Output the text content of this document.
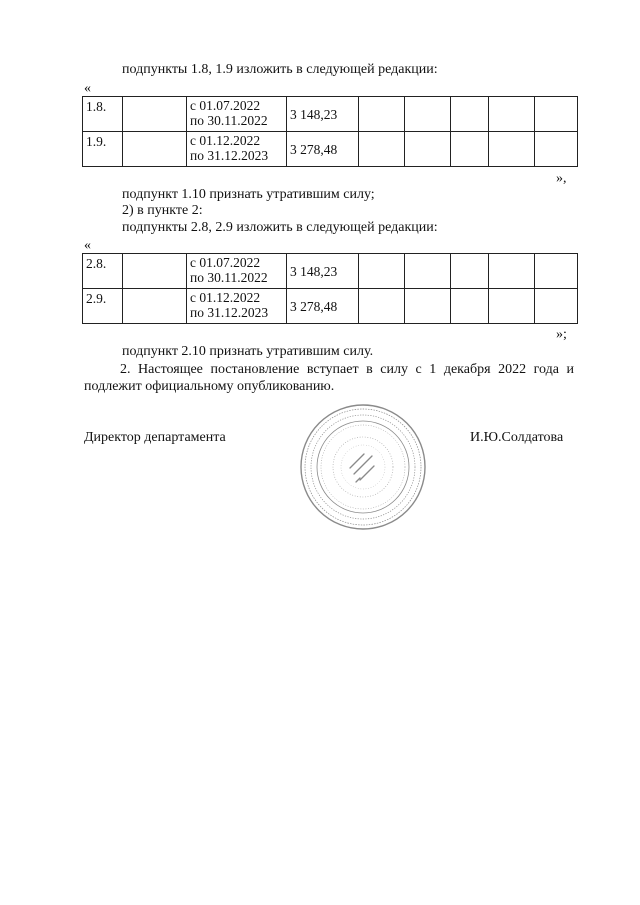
подпункты 1.8, 1.9 изложить в следующей редакции:
«
1.8.		с 01.07.2022
по 30.11.2022	3 148,23					
1.9.		с 01.12.2022
по 31.12.2023	3 278,48					
»,
подпункт 1.10 признать утратившим силу;
2) в пункте 2:
подпункты 2.8, 2.9 изложить в следующей редакции:
«
2.8.		с 01.07.2022
по 30.11.2022	3 148,23					
2.9.		с 01.12.2022
по 31.12.2023	3 278,48					
»;
подпункт 2.10 признать утратившим силу.
2. Настоящее постановление вступает в силу с 1 декабря 2022 года и подлежит официальному опубликованию.
Директор департамента	И.Ю.Солдатова
